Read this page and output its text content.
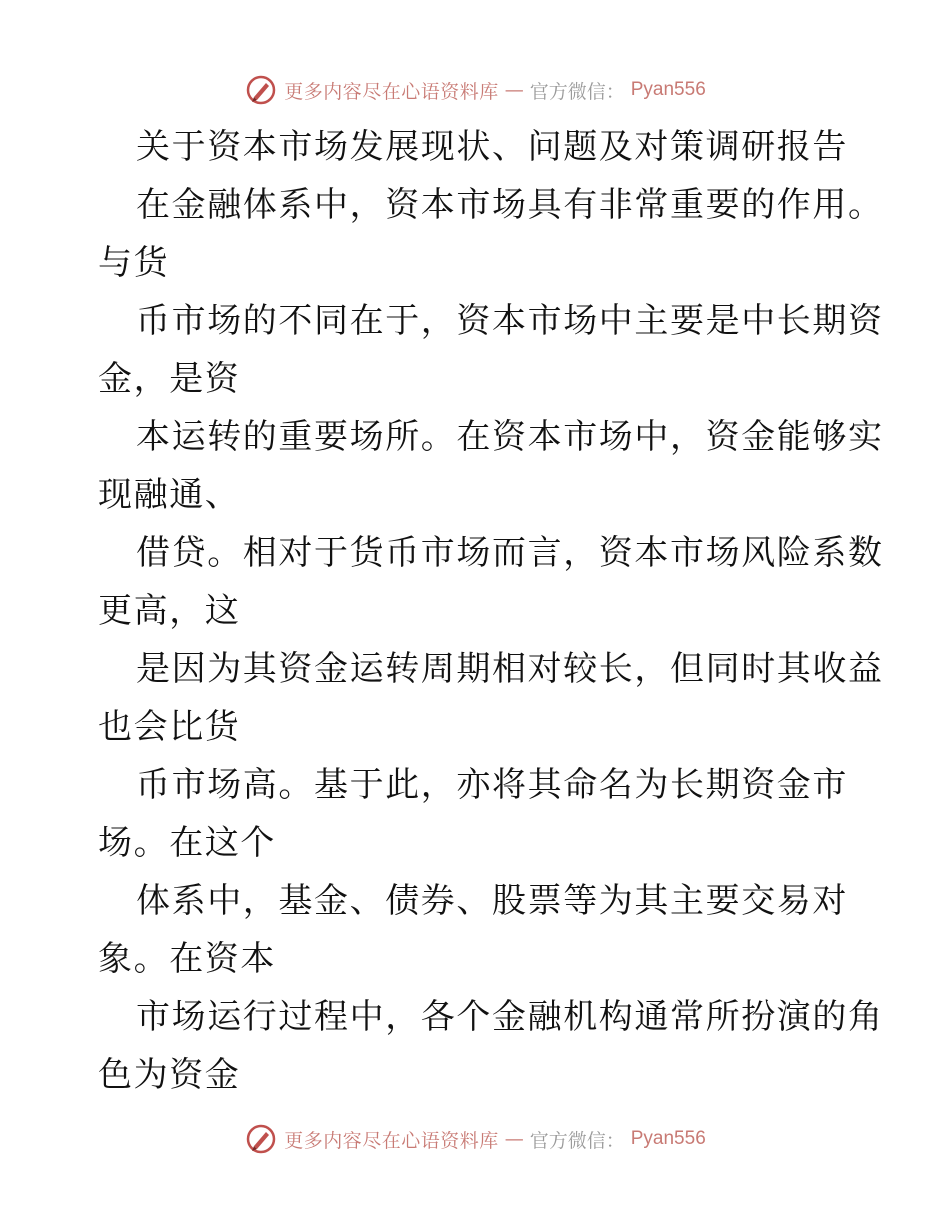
更多内容尽在心语资料库 — 官方微信： Pyan556
关于资本市场发展现状、问题及对策调研报告
在金融体系中，资本市场具有非常重要的作用。
与货
币市场的不同在于，资本市场中主要是中长期资
金，是资
本运转的重要场所。在资本市场中，资金能够实
现融通、
借贷。相对于货币市场而言，资本市场风险系数
更高，这
是因为其资金运转周期相对较长，但同时其收益
也会比货
币市场高。基于此，亦将其命名为长期资金市
场。在这个
体系中，基金、债券、股票等为其主要交易对
象。在资本
市场运行过程中，各个金融机构通常所扮演的角
色为资金
更多内容尽在心语资料库 — 官方微信： Pyan556
